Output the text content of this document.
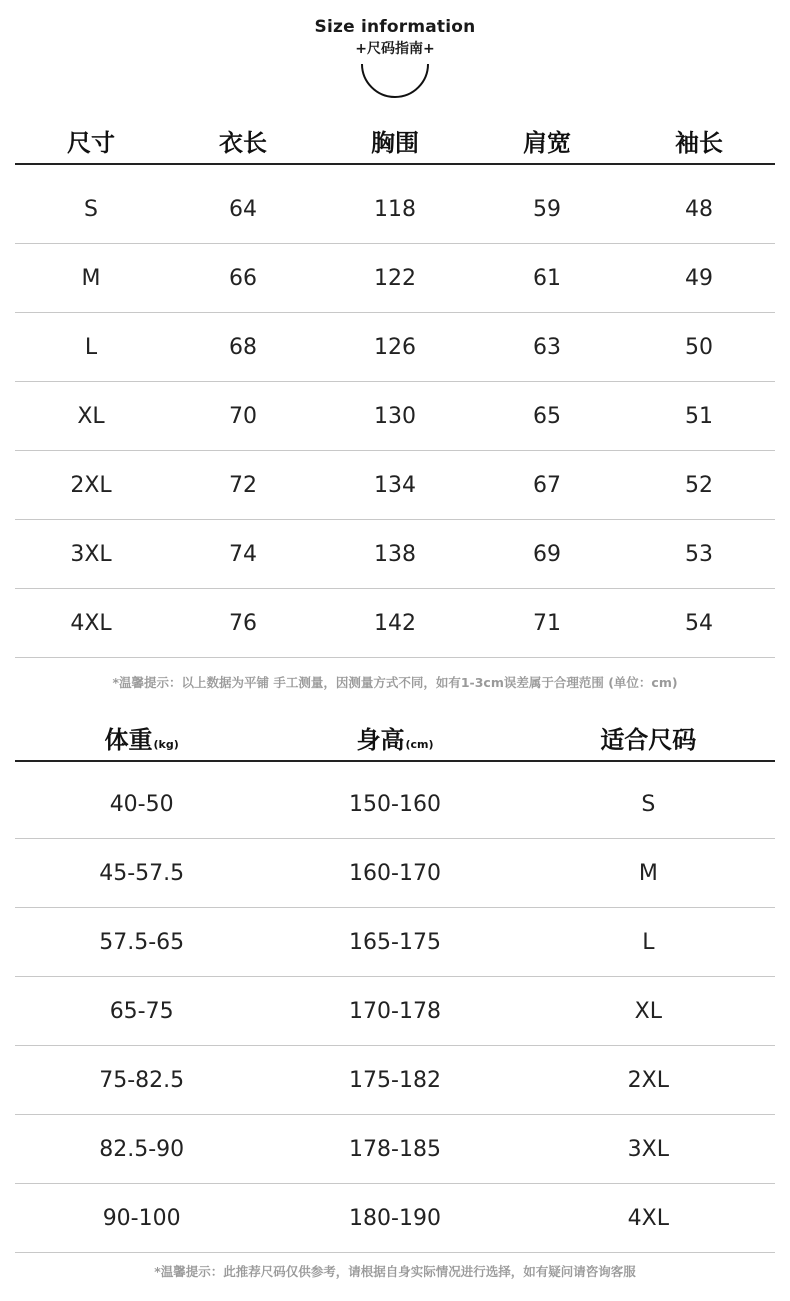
Size information
+尺码指南+
尺寸	衣长	胸围	肩宽	袖长
S	64	118	59	48
M	66	122	61	49
L	68	126	63	50
XL	70	130	65	51
2XL	72	134	67	52
3XL	74	138	69	53
4XL	76	142	71	54
*温馨提示：以上数据为平铺 手工测量，因测量方式不同，如有1-3cm误差属于合理范围 (单位：cm)
体重(kg)	身高(cm)	适合尺码
40-50	150-160	S
45-57.5	160-170	M
57.5-65	165-175	L
65-75	170-178	XL
75-82.5	175-182	2XL
82.5-90	178-185	3XL
90-100	180-190	4XL
*温馨提示：此推荐尺码仅供参考，请根据自身实际情况进行选择，如有疑问请咨询客服
